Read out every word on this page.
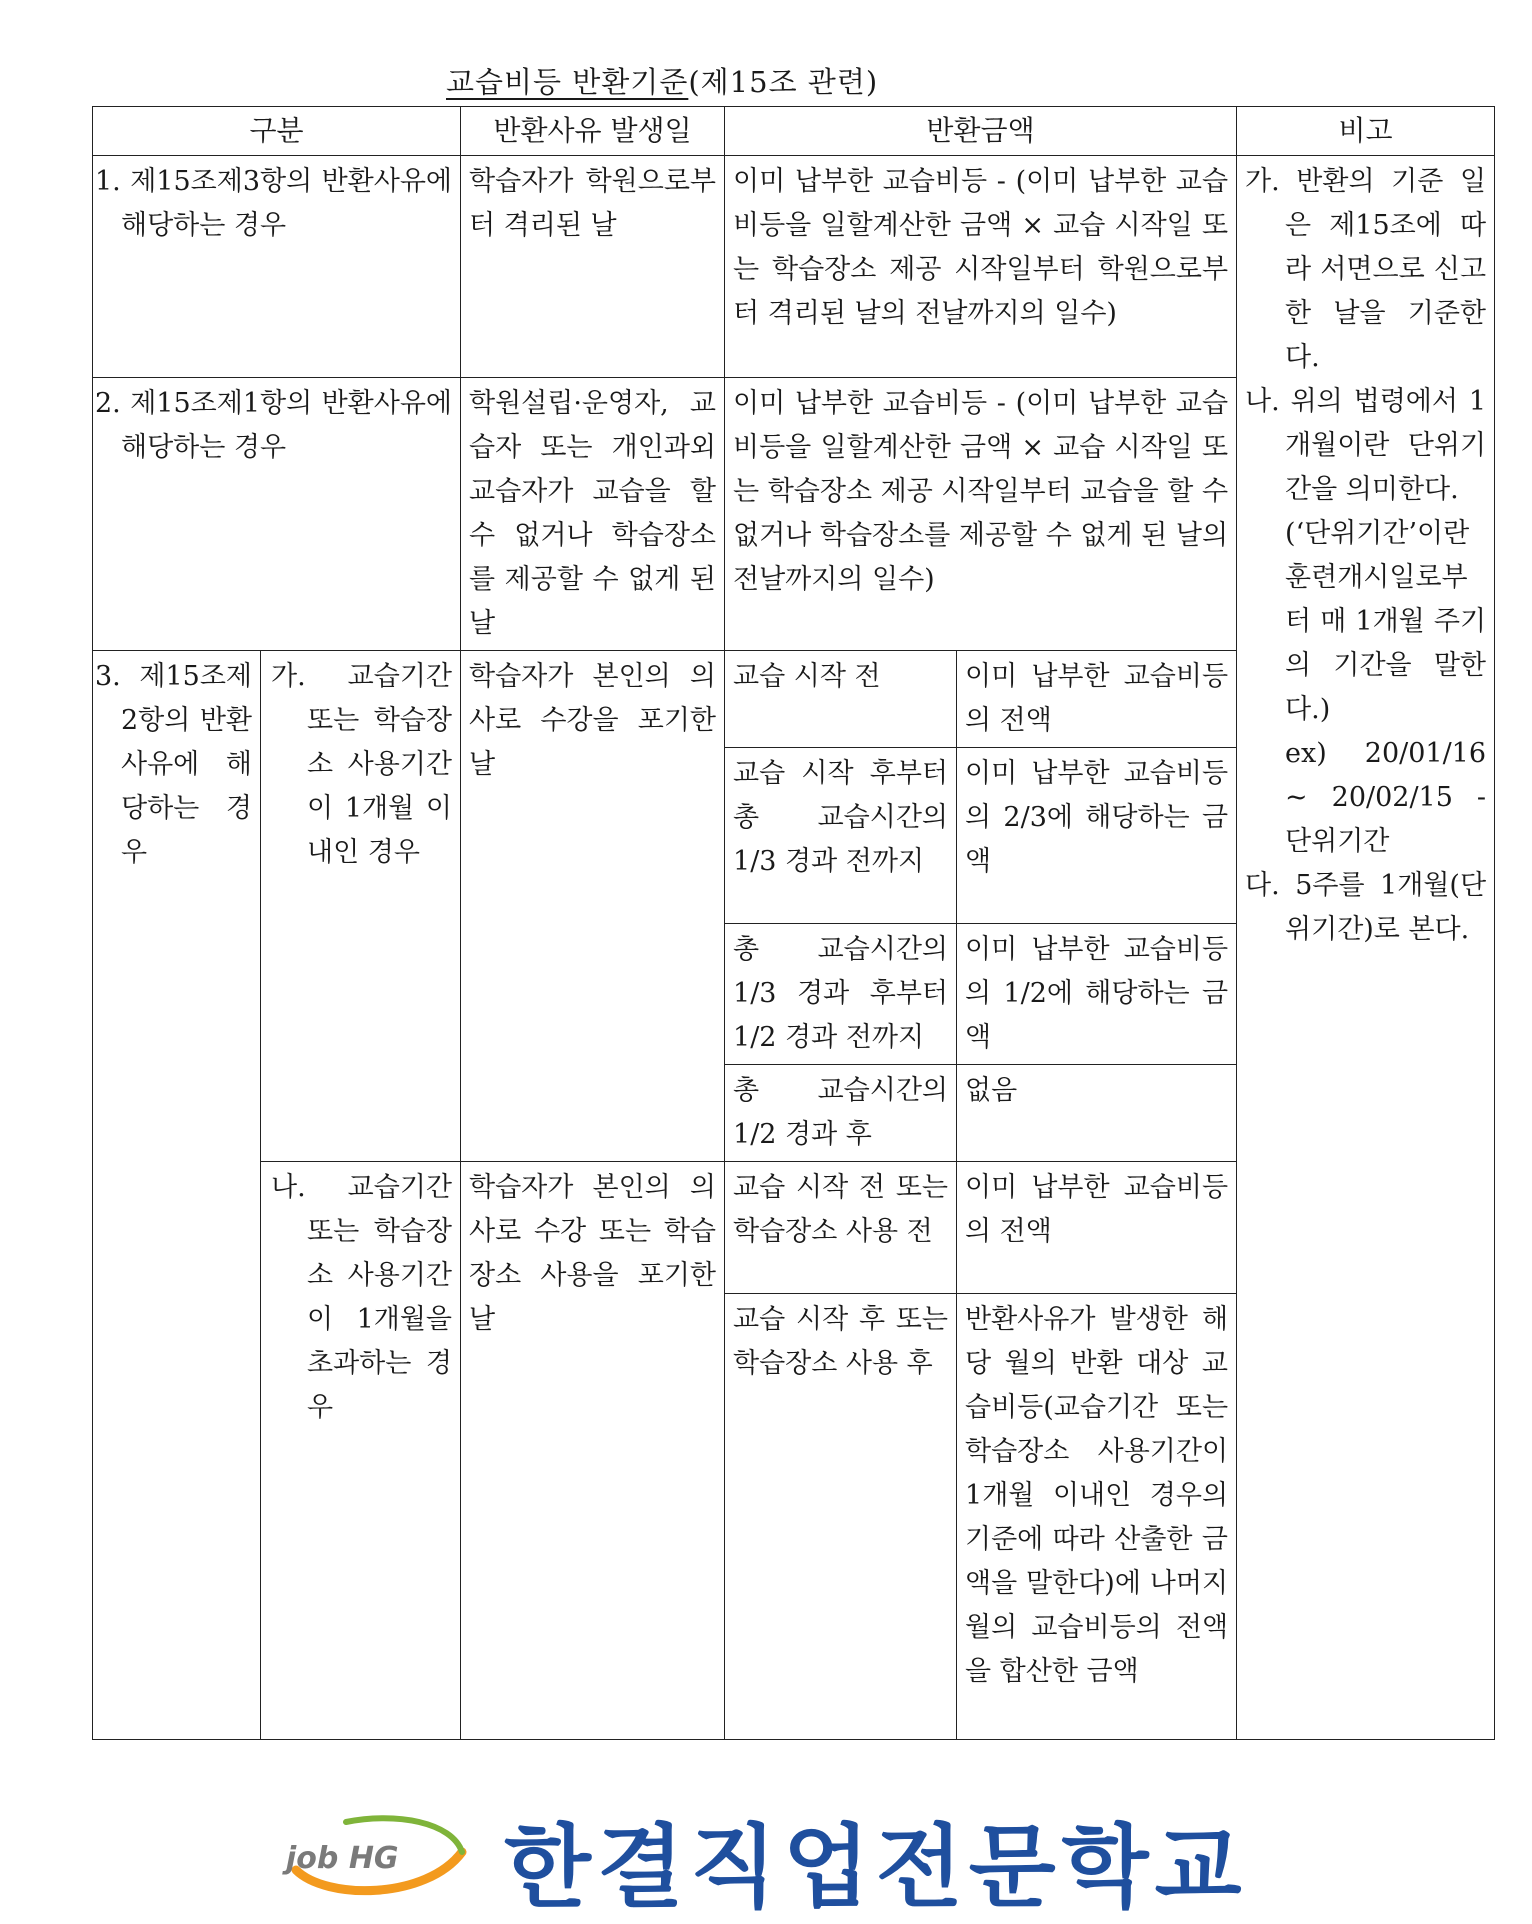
교습비등 반환기준(제15조 관련)
구분		반환사유 발생일	반환금액		비고
1. 제15조제3항의 반환사유에 해당하는 경우		학습자가 학원으로부터 격리된 날	이미 납부한 교습비등 - (이미 납부한 교습비등을 일할계산한 금액 × 교습 시작일 또는 학습장소 제공 시작일부터 학원으로부터 격리된 날의 전날까지의 일수)		가. 반환의 기준 일은 제15조에 따라 서면으로 신고한 날을 기준한다.

나. 위의 법령에서 1개월이란 단위기간을 의미한다.

(‘단위기간’이란 훈련개시일로부터 매 1개월 주기의 기간을 말한다.)

ex) 20/01/16 ~ 20/02/15 - 단위기간

다. 5주를 1개월(단위기간)로 본다.

2. 제15조제1항의 반환사유에 해당하는 경우		학원설립·운영자, 교습자 또는 개인과외교습자가 교습을 할 수 없거나 학습장소를 제공할 수 없게 된 날	이미 납부한 교습비등 - (이미 납부한 교습비등을 일할계산한 금액 × 교습 시작일 또는 학습장소 제공 시작일부터 교습을 할 수 없거나 학습장소를 제공할 수 없게 된 날의 전날까지의 일수)		
3. 제15조제2항의 반환사유에 해당하는 경우	가. 교습기간 또는 학습장소 사용기간이 1개월 이내인 경우	학습자가 본인의 의사로 수강을 포기한 날	교습 시작 전	이미 납부한 교습비등의 전액	
			교습 시작 후부터 총 교습시간의 1/3 경과 전까지	이미 납부한 교습비등의 2/3에 해당하는 금액	
			총 교습시간의 1/3 경과 후부터 1/2 경과 전까지	이미 납부한 교습비등의 1/2에 해당하는 금액	
			총 교습시간의 1/2 경과 후	없음	
	나. 교습기간 또는 학습장소 사용기간이 1개월을 초과하는 경우	학습자가 본인의 의사로 수강 또는 학습장소 사용을 포기한 날	교습 시작 전 또는 학습장소 사용 전	이미 납부한 교습비등의 전액	
			교습 시작 후 또는 학습장소 사용 후	반환사유가 발생한 해당 월의 반환 대상 교습비등(교습기간 또는 학습장소 사용기간이 1개월 이내인 경우의 기준에 따라 산출한 금액을 말한다)에 나머지 월의 교습비등의 전액을 합산한 금액	
job HG 한결직업전문학교
